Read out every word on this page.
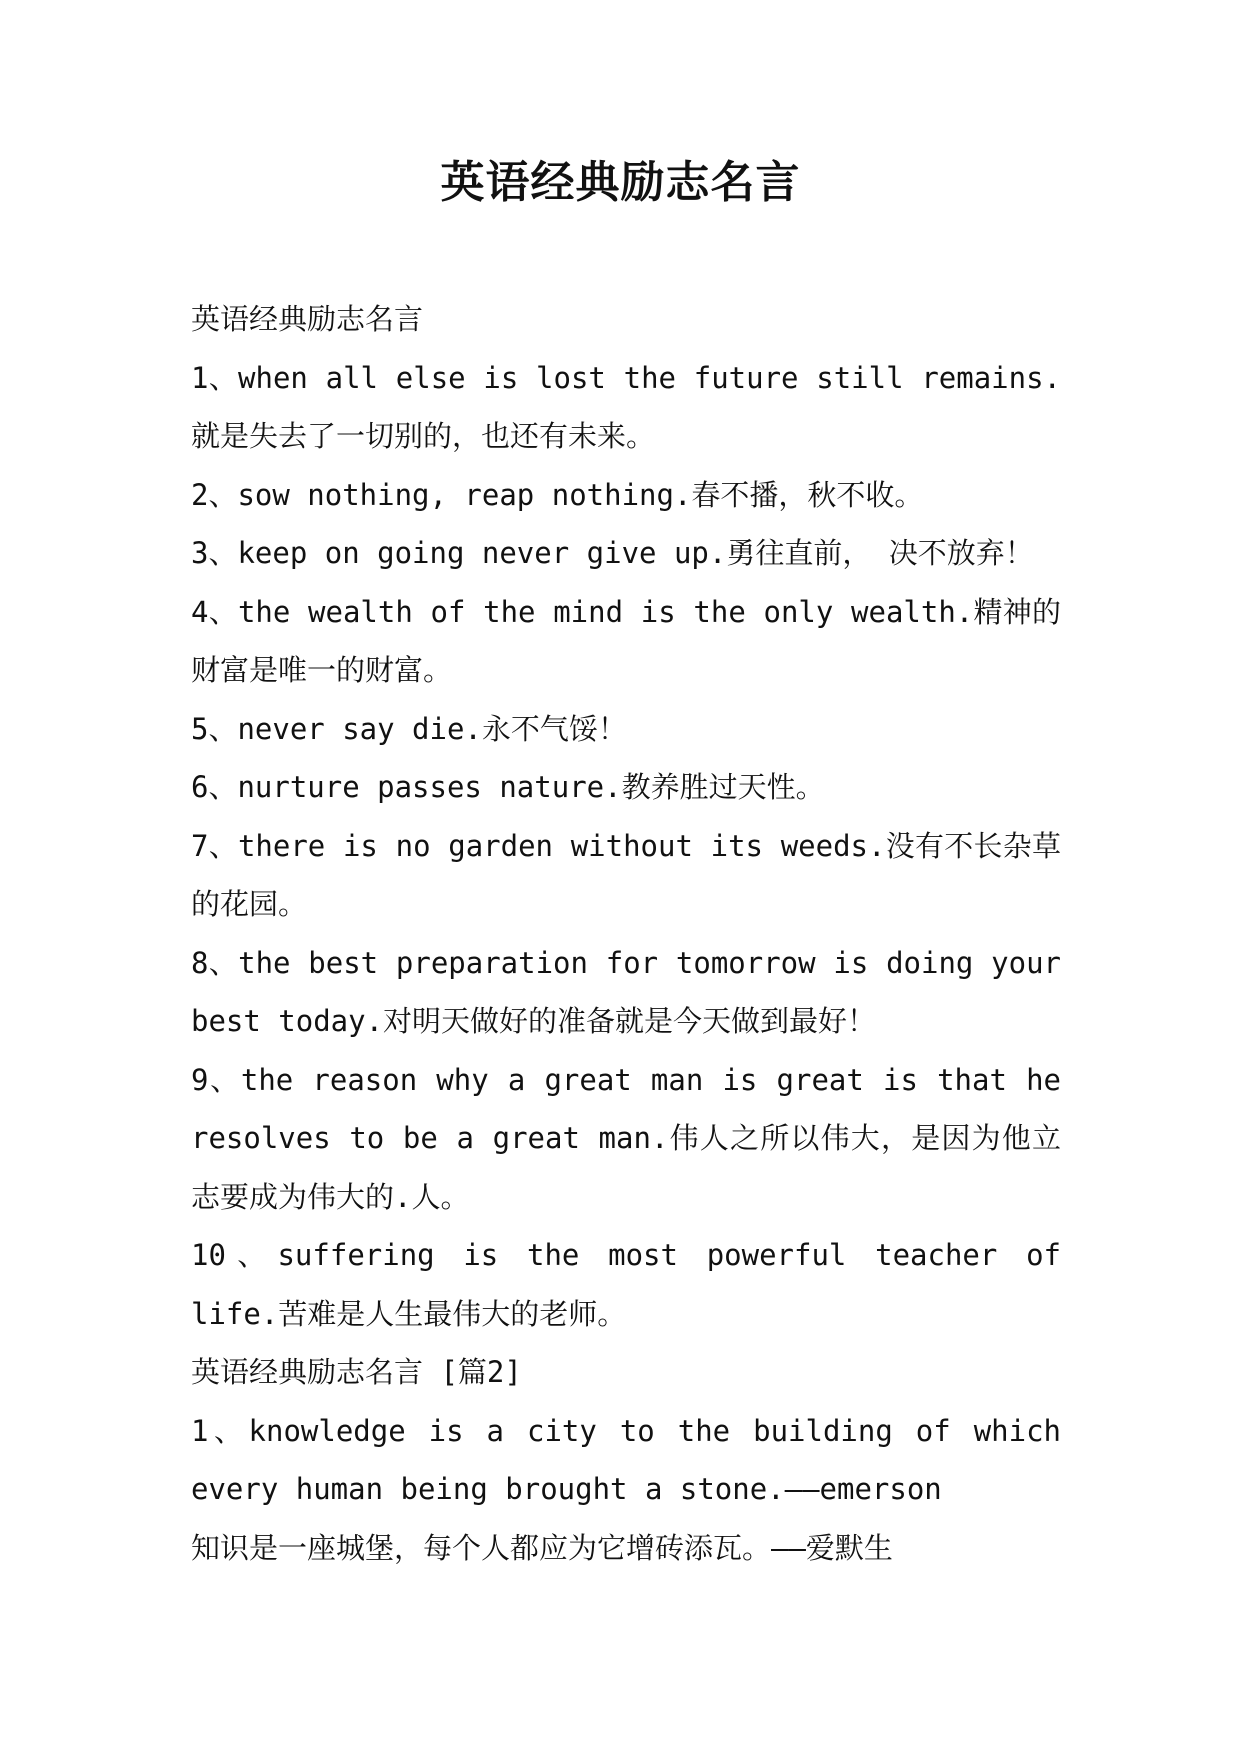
英语经典励志名言

英语经典励志名言

1、when all else is lost the future still remains.就是失去了一切别的，也还有未来。

2、sow nothing, reap nothing.春不播，秋不收。

3、keep on going never give up.勇往直前， 决不放弃！

4、the wealth of the mind is the only wealth.精神的财富是唯一的财富。

5、never say die.永不气馁！

6、nurture passes nature.教养胜过天性。

7、there is no garden without its weeds.没有不长杂草的花园。

8、the best preparation for tomorrow is doing your best today.对明天做好的准备就是今天做到最好！

9、the reason why a great man is great is that he resolves to be a great man.伟人之所以伟大，是因为他立志要成为伟大的.人。

10、suffering is the most powerful teacher of life.苦难是人生最伟大的老师。

英语经典励志名言 [篇2]

1、knowledge is a city to the building of which every human being brought a stone.——emerson

知识是一座城堡，每个人都应为它增砖添瓦。——爱默生
